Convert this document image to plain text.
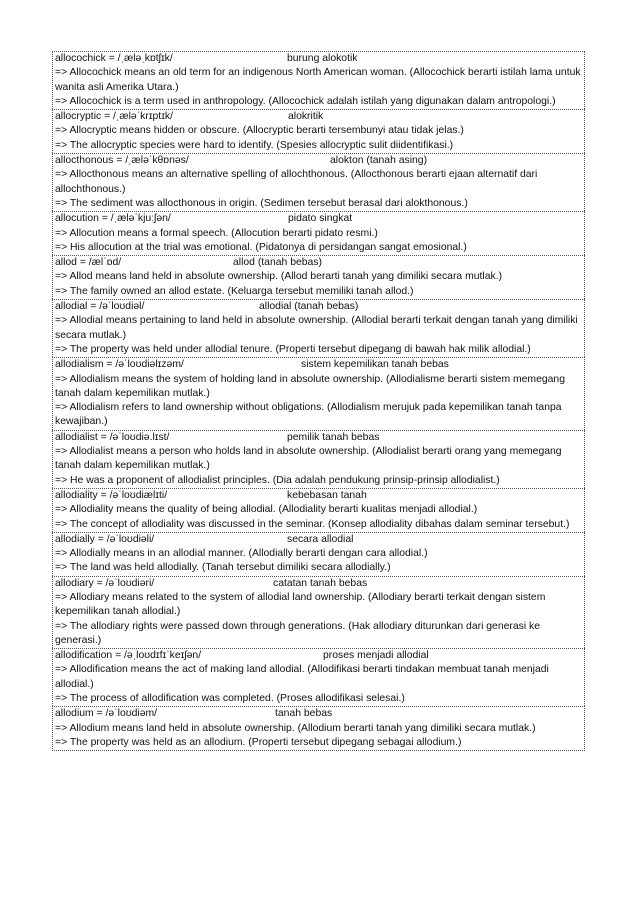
allocochick = /ˌæləˌkɒtʃɪk/	burung alokotik
=> Allocochick means an old term for an indigenous North American woman. (Allocochick berarti istilah lama untuk wanita asli Amerika Utara.)
=> Allocochick is a term used in anthropology. (Allocochick adalah istilah yang digunakan dalam antropologi.)
allocryptic = /ˌæləˈkrɪptɪk/	alokritik
=> Allocryptic means hidden or obscure. (Allocryptic berarti tersembunyi atau tidak jelas.)
=> The allocryptic species were hard to identify. (Spesies allocryptic sulit diidentifikasi.)
allocthonous = /ˌæləˈkθɒnəs/	alokton (tanah asing)
=> Allocthonous means an alternative spelling of allochthonous. (Allocthonous berarti ejaan alternatif dari allochthonous.)
=> The sediment was allocthonous in origin. (Sedimen tersebut berasal dari alokthonous.)
allocution = /ˌæləˈkjuːʃən/	pidato singkat
=> Allocution means a formal speech. (Allocution berarti pidato resmi.)
=> His allocution at the trial was emotional. (Pidatonya di persidangan sangat emosional.)
allod = /ælˈɒd/	allod (tanah bebas)
=> Allod means land held in absolute ownership. (Allod berarti tanah yang dimiliki secara mutlak.)
=> The family owned an allod estate. (Keluarga tersebut memiliki tanah allod.)
allodial = /əˈloʊdiəl/	allodial (tanah bebas)
=> Allodial means pertaining to land held in absolute ownership. (Allodial berarti terkait dengan tanah yang dimiliki secara mutlak.)
=> The property was held under allodial tenure. (Properti tersebut dipegang di bawah hak milik allodial.)
allodialism = /əˈloʊdiəlɪzəm/	sistem kepemilikan tanah bebas
=> Allodialism means the system of holding land in absolute ownership. (Allodialisme berarti sistem memegang tanah dalam kepemilikan mutlak.)
=> Allodialism refers to land ownership without obligations. (Allodialism merujuk pada kepemilikan tanah tanpa kewajiban.)
allodialist = /əˈloʊdiə.lɪst/	pemilik tanah bebas
=> Allodialist means a person who holds land in absolute ownership. (Allodialist berarti orang yang memegang tanah dalam kepemilikan mutlak.)
=> He was a proponent of allodialist principles. (Dia adalah pendukung prinsip-prinsip allodialist.)
allodiality = /əˈloʊdiælɪti/	kebebasan tanah
=> Allodiality means the quality of being allodial. (Allodiality berarti kualitas menjadi allodial.)
=> The concept of allodiality was discussed in the seminar. (Konsep allodiality dibahas dalam seminar tersebut.)
allodially = /əˈloʊdiəli/	secara allodial
=> Allodially means in an allodial manner. (Allodially berarti dengan cara allodial.)
=> The land was held allodially. (Tanah tersebut dimiliki secara allodially.)
allodiary = /əˈloʊdiəri/	catatan tanah bebas
=> Allodiary means related to the system of allodial land ownership. (Allodiary berarti terkait dengan sistem kepemilikan tanah allodial.)
=> The allodiary rights were passed down through generations. (Hak allodiary diturunkan dari generasi ke generasi.)
allodification = /əˌloʊdɪfɪˈkeɪʃən/	proses menjadi allodial
=> Allodification means the act of making land allodial. (Allodifikasi berarti tindakan membuat tanah menjadi allodial.)
=> The process of allodification was completed. (Proses allodifikasi selesai.)
allodium = /əˈloʊdiəm/	tanah bebas
=> Allodium means land held in absolute ownership. (Allodium berarti tanah yang dimiliki secara mutlak.)
=> The property was held as an allodium. (Properti tersebut dipegang sebagai allodium.)
